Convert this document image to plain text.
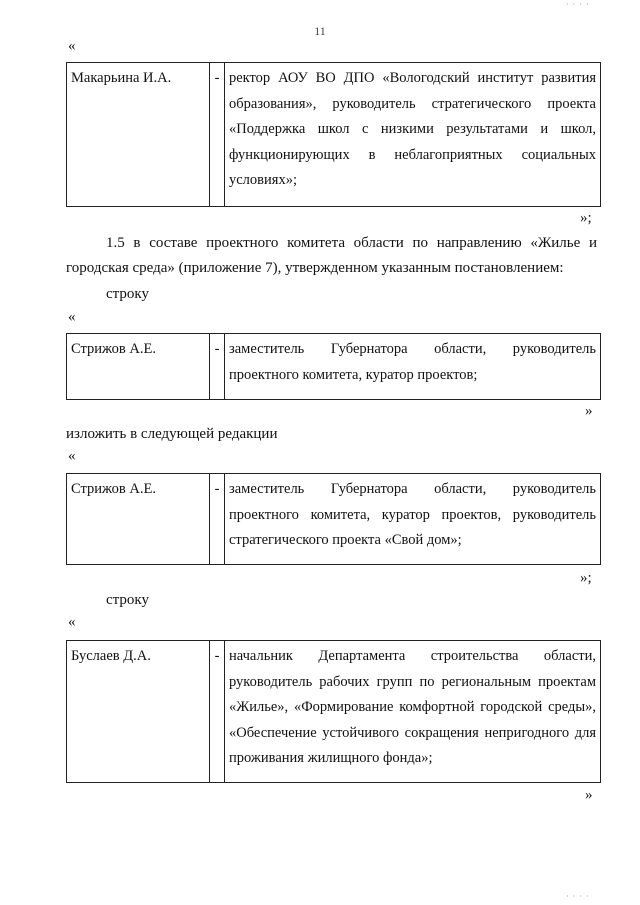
11
· · · ·
«
Макарьина И.А.	-	ректор АОУ ВО ДПО «Вологодский институт развития образования», руководитель стратегического проекта «Поддержка школ с низкими результатами и школ, функционирующих в неблагоприятных социальных условиях»;
»;
1.5 в составе проектного комитета области по направлению «Жилье и городская среда» (приложение 7), утвержденном указанным постановлением:
строку
«
Стрижов А.Е.	-	заместитель Губернатора области, руководитель проектного комитета, куратор проектов;
»
изложить в следующей редакции
«
Стрижов А.Е.	-	заместитель Губернатора области, руководитель проектного комитета, куратор проектов, руководитель стратегического проекта «Свой дом»;
»;
строку
«
Буслаев Д.А.	-	начальник Департамента строительства области, руководитель рабочих групп по региональным проектам «Жилье», «Формирование комфортной городской среды», «Обеспечение устойчивого сокращения непригодного для проживания жилищного фонда»;
»
· · · ·
